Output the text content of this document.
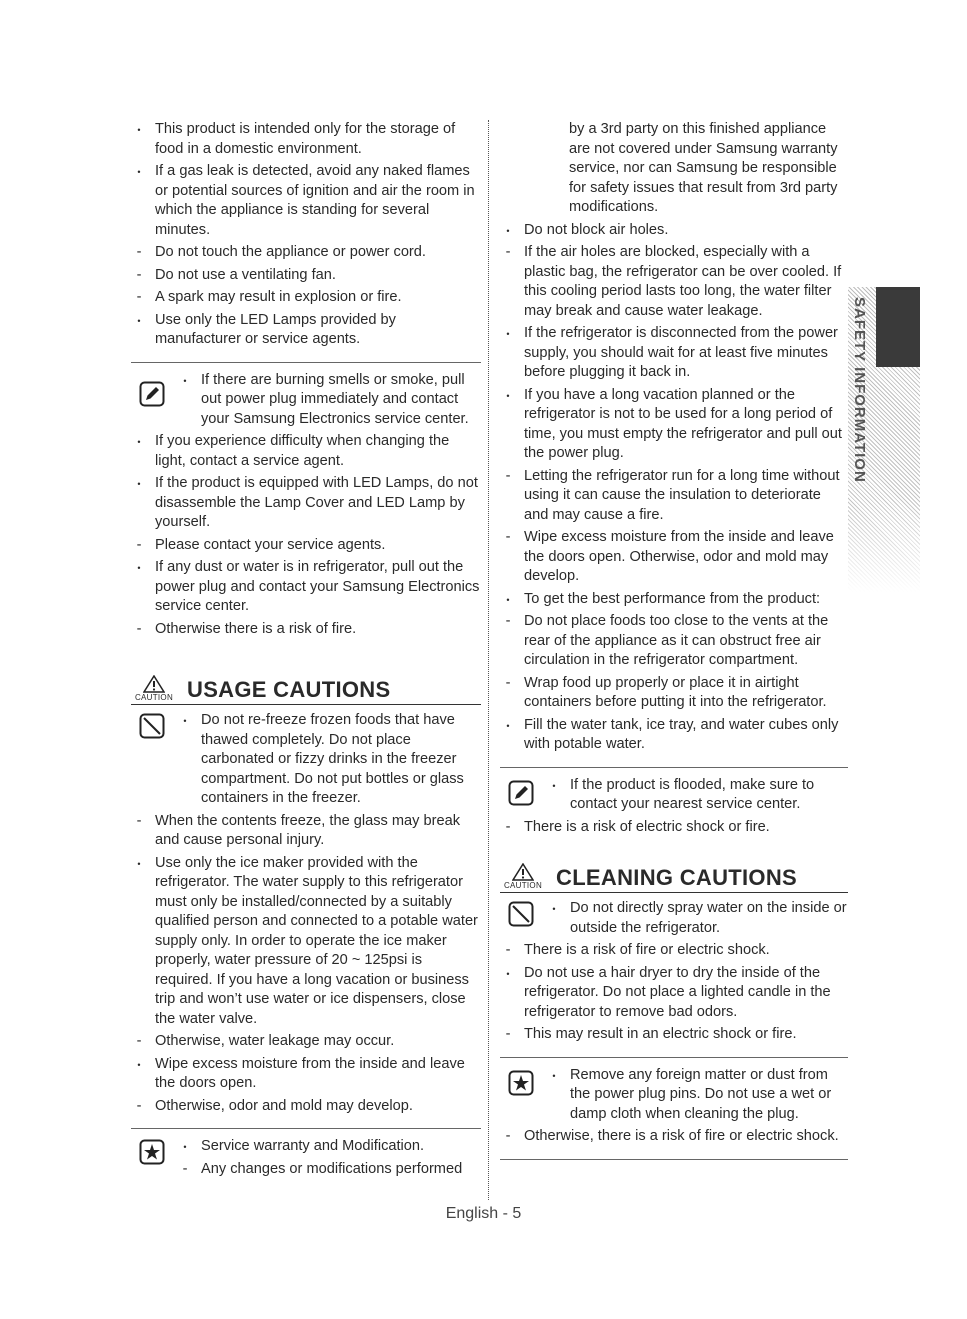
• This product is intended only for the storage of food in a domestic environment.
• If a gas leak is detected, avoid any naked flames or potential sources of ignition and air the room in which the appliance is standing for several minutes.
- Do not touch the appliance or power cord.
- Do not use a ventilating fan.
- A spark may result in explosion or fire.
• Use only the LED Lamps provided by manufacturer or service agents.
• If there are burning smells or smoke, pull out power plug immediately and contact your Samsung Electronics service center.
• If you experience difficulty when changing the light, contact a service agent.
• If the product is equipped with LED Lamps, do not disassemble the Lamp Cover and LED Lamp by yourself.
- Please contact your service agents.
• If any dust or water is in refrigerator, pull out the power plug and contact your Samsung Electronics service center.
- Otherwise there is a risk of fire.
CAUTION USAGE CAUTIONS
• Do not re-freeze frozen foods that have thawed completely. Do not place carbonated or fizzy drinks in the freezer compartment. Do not put bottles or glass containers in the freezer.
- When the contents freeze, the glass may break and cause personal injury.
• Use only the ice maker provided with the refrigerator. The water supply to this refrigerator must only be installed/connected by a suitably qualified person and connected to a potable water supply only. In order to operate the ice maker properly, water pressure of 20 ~ 125psi is required. If you have a long vacation or business trip and won’t use water or ice dispensers, close the water valve.
- Otherwise, water leakage may occur.
• Wipe excess moisture from the inside and leave the doors open.
- Otherwise, odor and mold may develop.
• Service warranty and Modification.
- Any changes or modifications performed
by a 3rd party on this finished appliance are not covered under Samsung warranty service, nor can Samsung be responsible for safety issues that result from 3rd party modifications.
• Do not block air holes.
- If the air holes are blocked, especially with a plastic bag, the refrigerator can be over cooled. If this cooling period lasts too long, the water filter may break and cause water leakage.
• If the refrigerator is disconnected from the power supply, you should wait for at least five minutes before plugging it back in.
• If you have a long vacation planned or the refrigerator is not to be used for a long period of time, you must empty the refrigerator and pull out the power plug.
- Letting the refrigerator run for a long time without using it can cause the insulation to deteriorate and may cause a fire.
- Wipe excess moisture from the inside and leave the doors open. Otherwise, odor and mold may develop.
• To get the best performance from the product:
- Do not place foods too close to the vents at the rear of the appliance as it can obstruct free air circulation in the refrigerator compartment.
- Wrap food up properly or place it in airtight containers before putting it into the refrigerator.
• Fill the water tank, ice tray, and water cubes only with potable water.
• If the product is flooded, make sure to contact your nearest service center.
- There is a risk of electric shock or fire.
CAUTION CLEANING CAUTIONS
• Do not directly spray water on the inside or outside the refrigerator.
- There is a risk of fire or electric shock.
• Do not use a hair dryer to dry the inside of the refrigerator. Do not place a lighted candle in the refrigerator to remove bad odors.
- This may result in an electric shock or fire.
• Remove any foreign matter or dust from the power plug pins. Do not use a wet or damp cloth when cleaning the plug.
- Otherwise, there is a risk of fire or electric shock.
SAFETY INFORMATION
English - 5
